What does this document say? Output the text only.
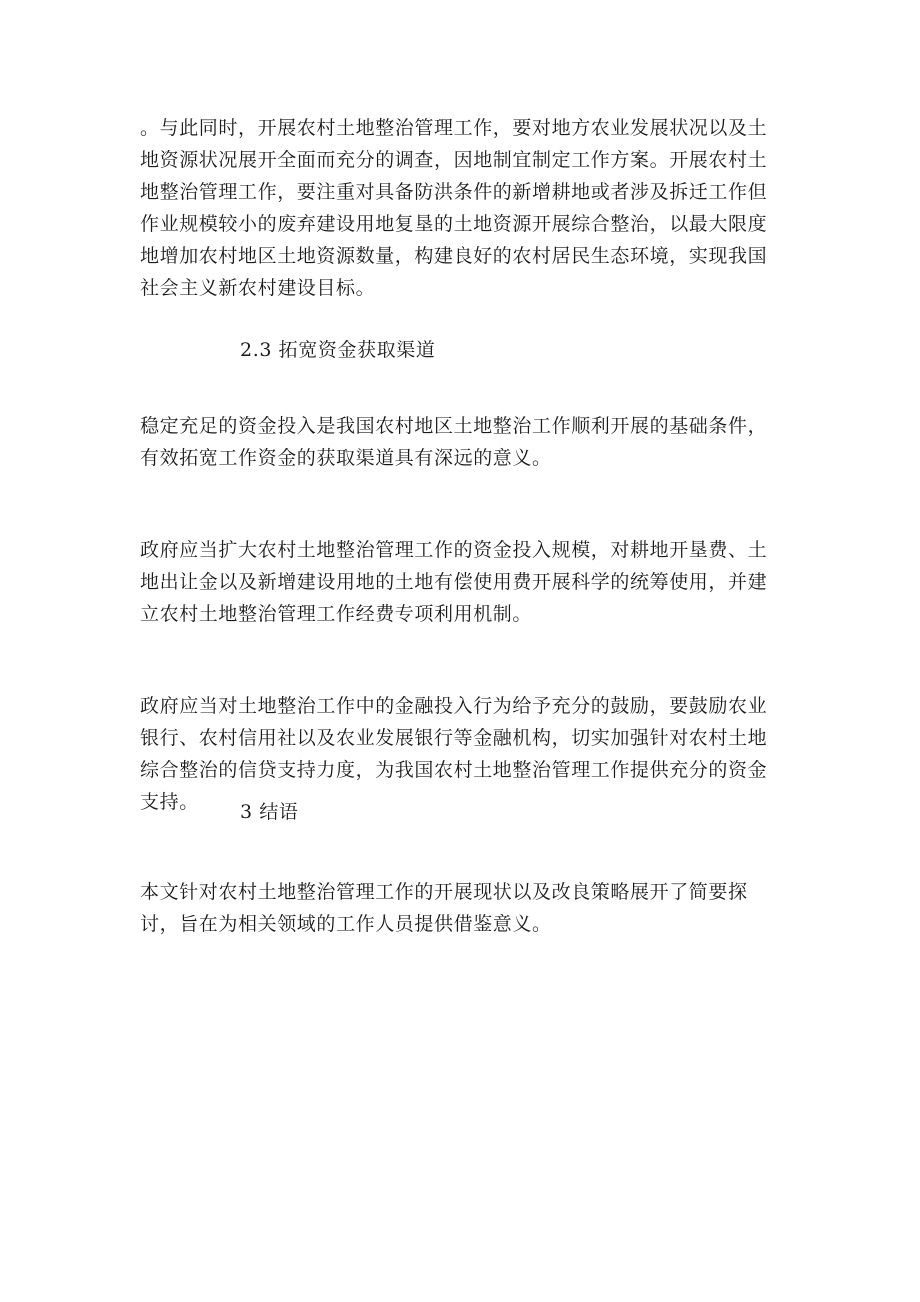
。与此同时，开展农村土地整治管理工作，要对地方农业发展状况以及土地资源状况展开全面而充分的调查，因地制宜制定工作方案。开展农村土地整治管理工作，要注重对具备防洪条件的新增耕地或者涉及拆迁工作但作业规模较小的废弃建设用地复垦的土地资源开展综合整治，以最大限度地增加农村地区土地资源数量，构建良好的农村居民生态环境，实现我国社会主义新农村建设目标。

2.3 拓宽资金获取渠道

稳定充足的资金投入是我国农村地区土地整治工作顺利开展的基础条件，有效拓宽工作资金的获取渠道具有深远的意义。

政府应当扩大农村土地整治管理工作的资金投入规模，对耕地开垦费、土地出让金以及新增建设用地的土地有偿使用费开展科学的统筹使用，并建立农村土地整治管理工作经费专项利用机制。

政府应当对土地整治工作中的金融投入行为给予充分的鼓励，要鼓励农业银行、农村信用社以及农业发展银行等金融机构，切实加强针对农村土地综合整治的信贷支持力度，为我国农村土地整治管理工作提供充分的资金支持。	3 结语

本文针对农村土地整治管理工作的开展现状以及改良策略展开了简要探讨，旨在为相关领域的工作人员提供借鉴意义。
